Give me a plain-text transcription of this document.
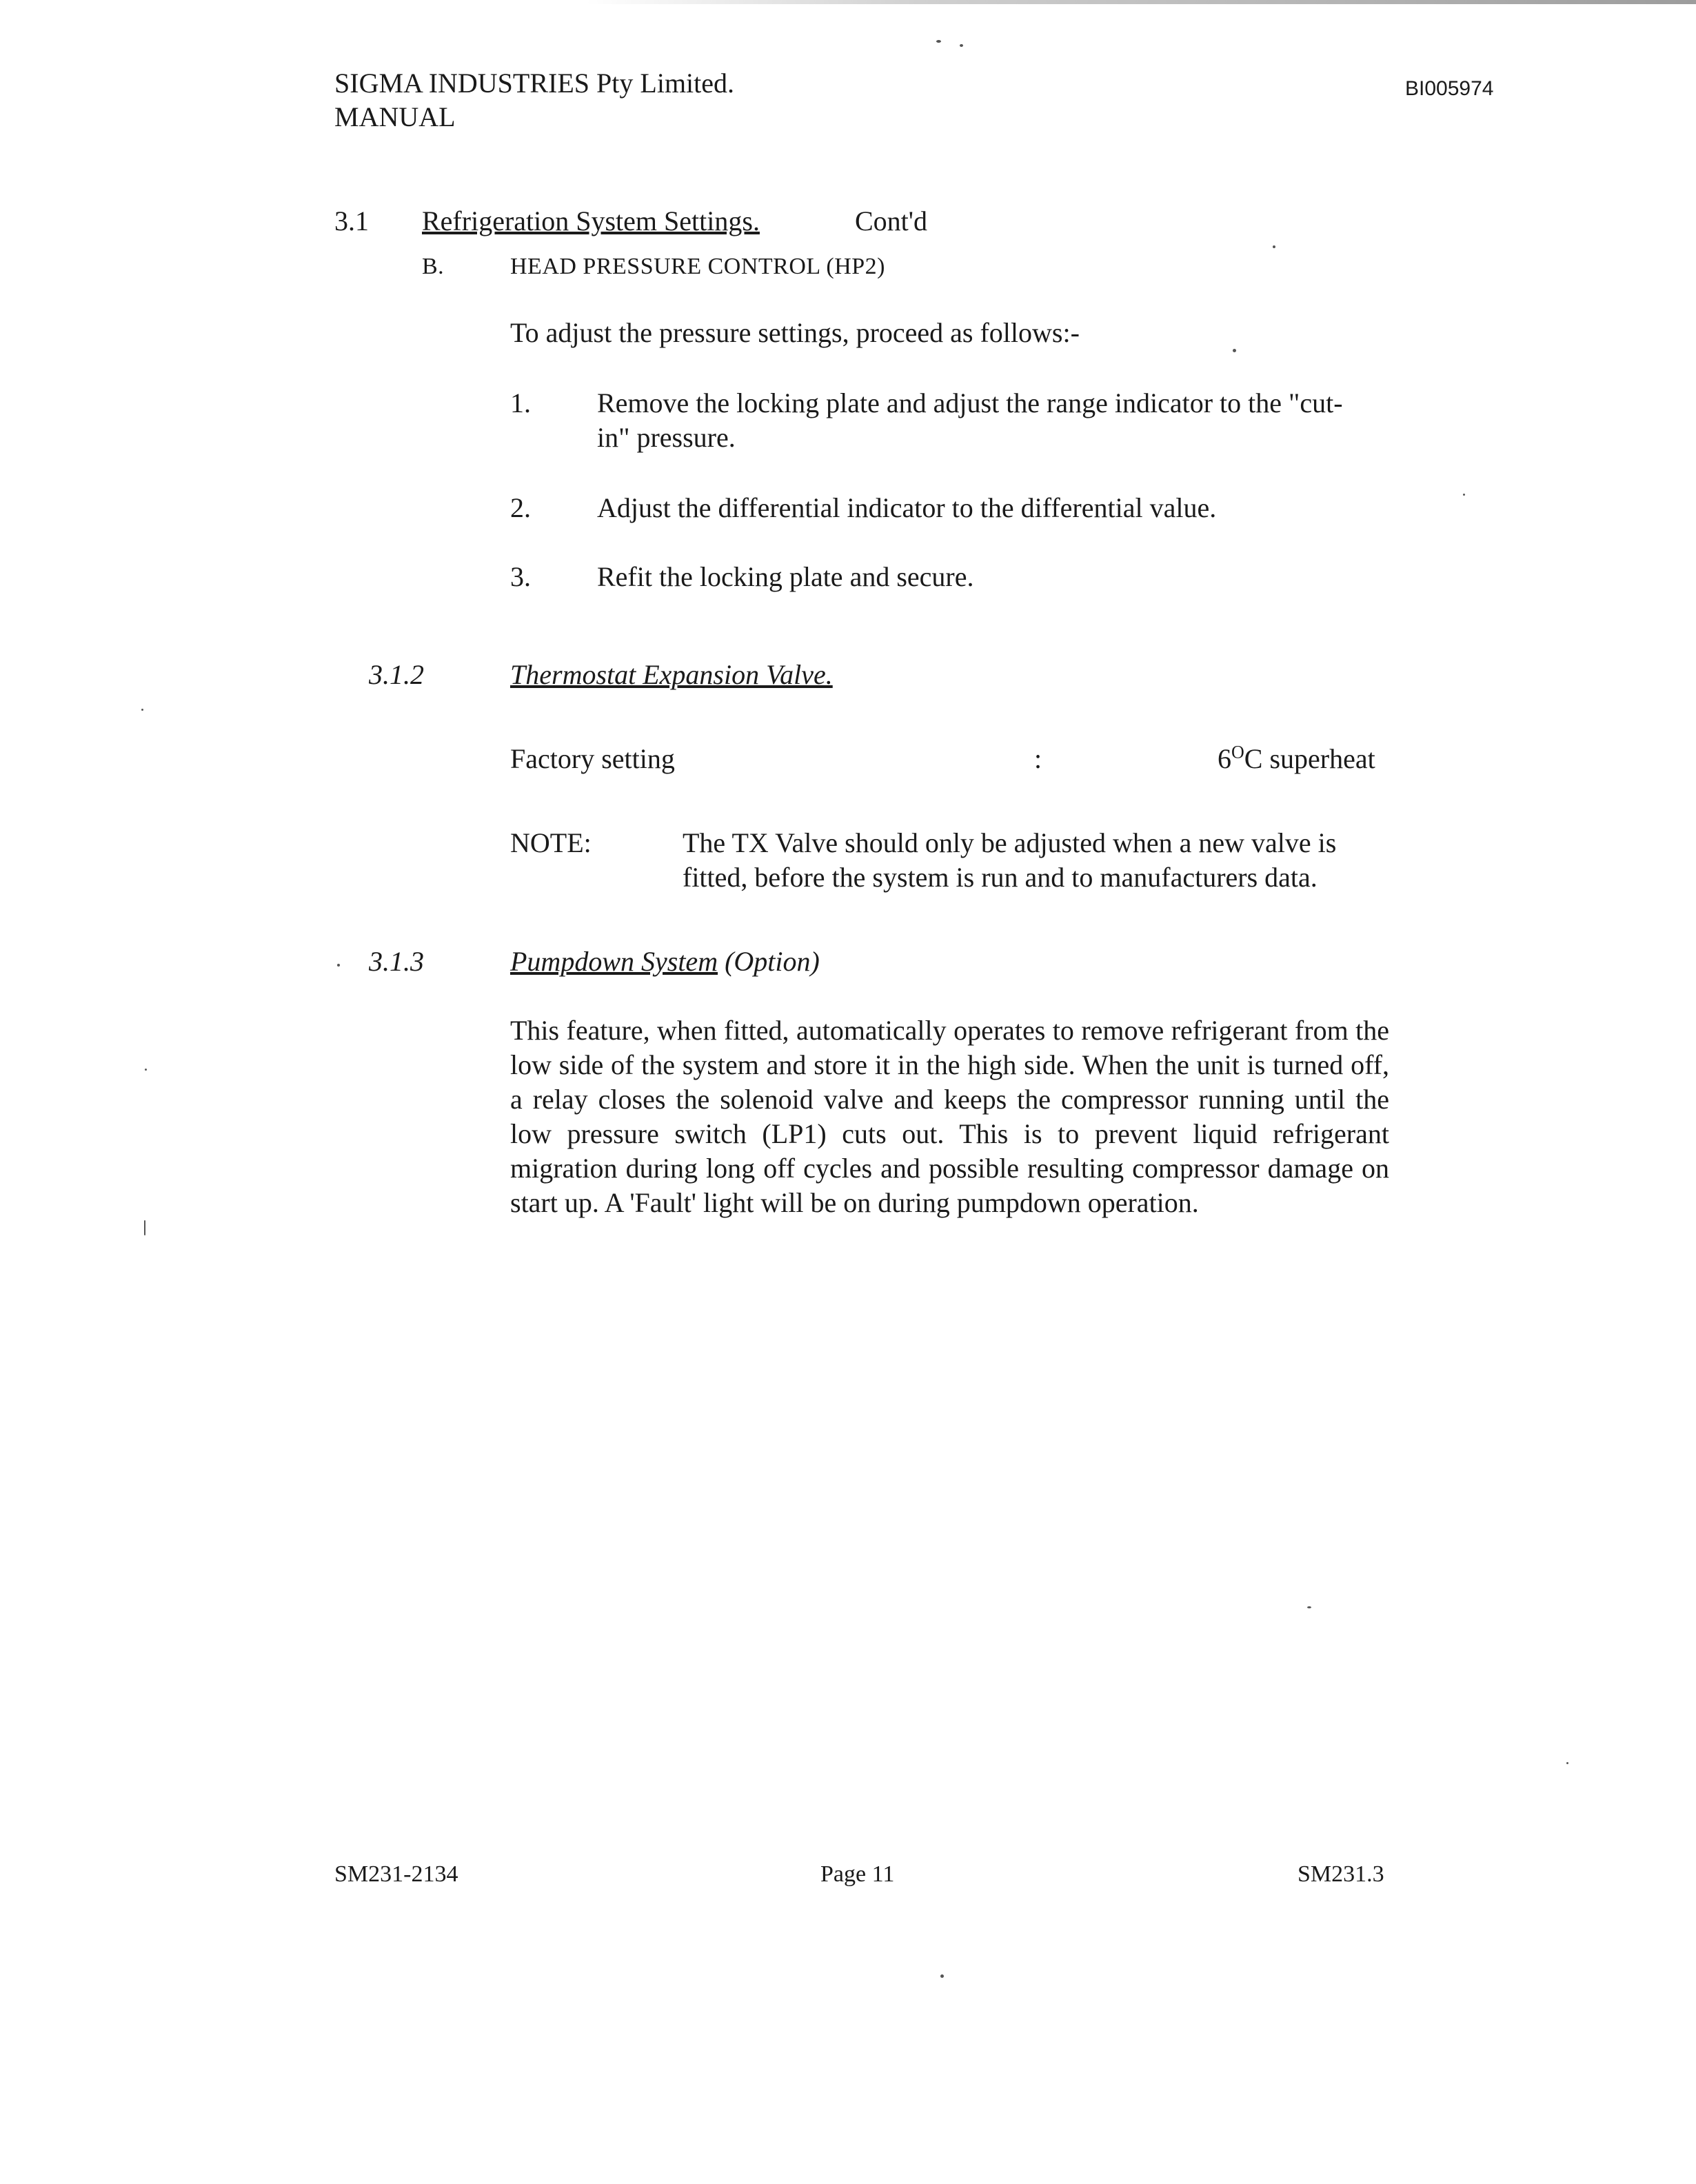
SIGMA INDUSTRIES Pty Limited.
MANUAL
BI005974
3.1 Refrigeration System Settings.	Cont'd
B.	HEAD PRESSURE CONTROL (HP2)
To adjust the pressure settings, proceed as follows:-
1. Remove the locking plate and adjust the range indicator to the "cut-
in" pressure.
2. Adjust the differential indicator to the differential value.
3. Refit the locking plate and secure.
3.1.2	Thermostat Expansion Valve.
Factory setting	:	$6^OC$ superheat
NOTE:	The TX Valve should only be adjusted when a new valve is
fitted, before the system is run and to manufacturers data.
3.1.3	Pumpdown System (Option)
This feature, when fitted, automatically operates to remove refrigerant from the low side of the system and store it in the high side. When the unit is turned off, a relay closes the solenoid valve and keeps the compressor running until the low pressure switch (LP1) cuts out. This is to prevent liquid refrigerant migration during long off cycles and possible resulting compressor damage on start up. A 'Fault' light will be on during pumpdown operation.
SM231-2134	Page 11	SM231.3
